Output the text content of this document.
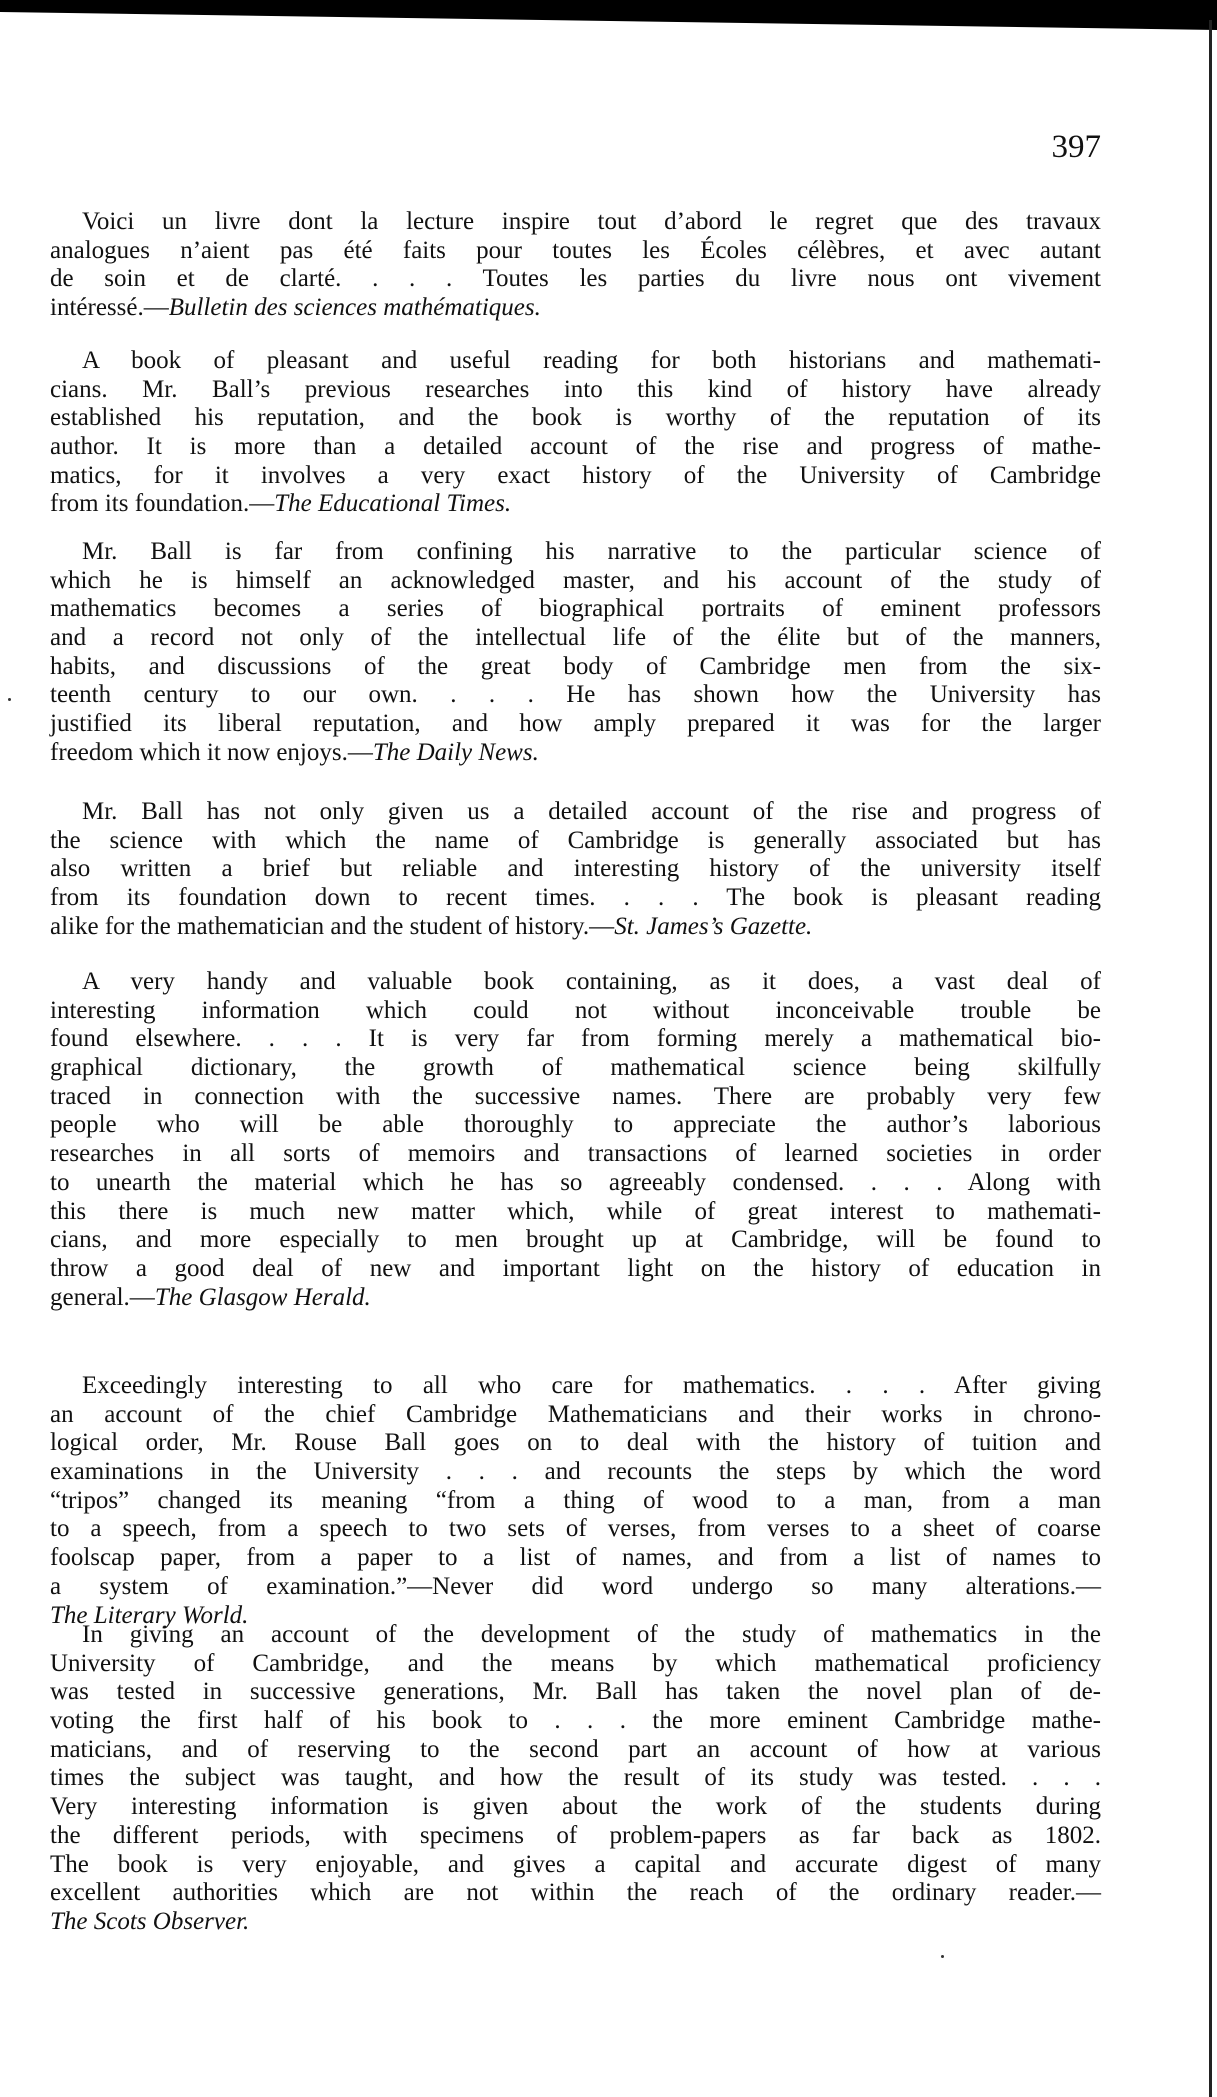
397
Voici un livre dont la lecture inspire tout d’abord le regret que des travaux
analogues n’aient pas été faits pour toutes les Écoles célèbres, et avec autant
de soin et de clarté. . . . Toutes les parties du livre nous ont vivement
intéressé.—Bulletin des sciences mathématiques.
A book of pleasant and useful reading for both historians and mathemati-
cians. Mr. Ball’s previous researches into this kind of history have already
established his reputation, and the book is worthy of the reputation of its
author. It is more than a detailed account of the rise and progress of mathe-
matics, for it involves a very exact history of the University of Cambridge
from its foundation.—The Educational Times.
Mr. Ball is far from confining his narrative to the particular science of
which he is himself an acknowledged master, and his account of the study of
mathematics becomes a series of biographical portraits of eminent professors
and a record not only of the intellectual life of the élite but of the manners,
habits, and discussions of the great body of Cambridge men from the six-
teenth century to our own. . . . He has shown how the University has
justified its liberal reputation, and how amply prepared it was for the larger
freedom which it now enjoys.—The Daily News.
Mr. Ball has not only given us a detailed account of the rise and progress of
the science with which the name of Cambridge is generally associated but has
also written a brief but reliable and interesting history of the university itself
from its foundation down to recent times. . . . The book is pleasant reading
alike for the mathematician and the student of history.—St. James’s Gazette.
A very handy and valuable book containing, as it does, a vast deal of
interesting information which could not without inconceivable trouble be
found elsewhere. . . . It is very far from forming merely a mathematical bio-
graphical dictionary, the growth of mathematical science being skilfully
traced in connection with the successive names. There are probably very few
people who will be able thoroughly to appreciate the author’s laborious
researches in all sorts of memoirs and transactions of learned societies in order
to unearth the material which he has so agreeably condensed. . . . Along with
this there is much new matter which, while of great interest to mathemati-
cians, and more especially to men brought up at Cambridge, will be found to
throw a good deal of new and important light on the history of education in
general.—The Glasgow Herald.
Exceedingly interesting to all who care for mathematics. . . . After giving
an account of the chief Cambridge Mathematicians and their works in chrono-
logical order, Mr. Rouse Ball goes on to deal with the history of tuition and
examinations in the University . . . and recounts the steps by which the word
“tripos” changed its meaning “from a thing of wood to a man, from a man
to a speech, from a speech to two sets of verses, from verses to a sheet of coarse
foolscap paper, from a paper to a list of names, and from a list of names to
a system of examination.”—Never did word undergo so many alterations.—
The Literary World.
In giving an account of the development of the study of mathematics in the
University of Cambridge, and the means by which mathematical proficiency
was tested in successive generations, Mr. Ball has taken the novel plan of de-
voting the first half of his book to . . . the more eminent Cambridge mathe-
maticians, and of reserving to the second part an account of how at various
times the subject was taught, and how the result of its study was tested. . . .
Very interesting information is given about the work of the students during
the different periods, with specimens of problem-papers as far back as 1802.
The book is very enjoyable, and gives a capital and accurate digest of many
excellent authorities which are not within the reach of the ordinary reader.—
The Scots Observer.
